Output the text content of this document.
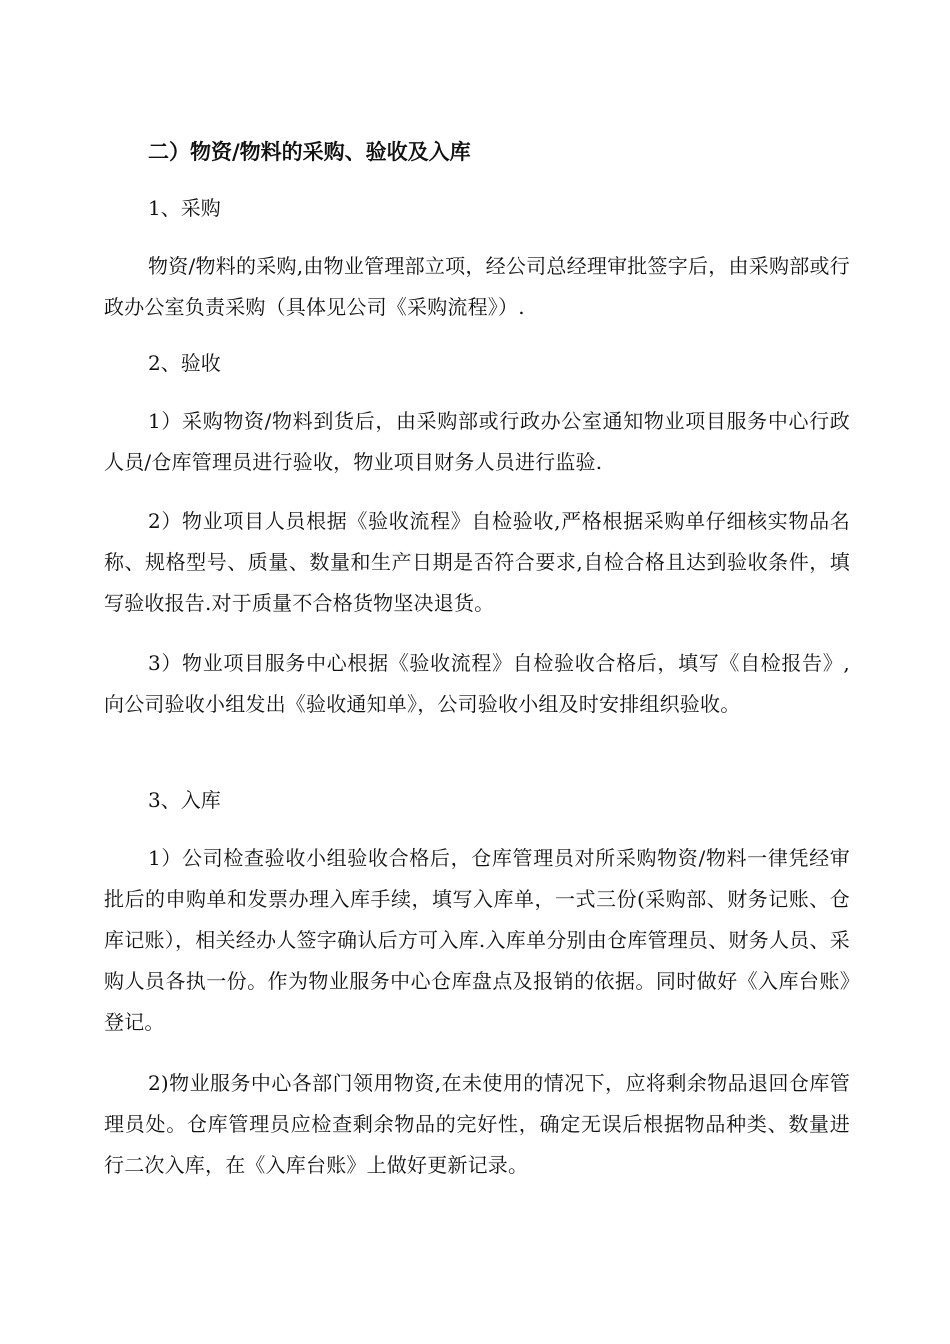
二）物资/物料的采购、验收及入库
1、采购
物资/物料的采购,由物业管理部立项，经公司总经理审批签字后，由采购部或行政办公室负责采购（具体见公司《采购流程》）.
2、验收
1）采购物资/物料到货后，由采购部或行政办公室通知物业项目服务中心行政人员/仓库管理员进行验收，物业项目财务人员进行监验.
2）物业项目人员根据《验收流程》自检验收,严格根据采购单仔细核实物品名称、规格型号、质量、数量和生产日期是否符合要求,自检合格且达到验收条件，填写验收报告.对于质量不合格货物坚决退货。
3）物业项目服务中心根据《验收流程》自检验收合格后，填写《自检报告》,向公司验收小组发出《验收通知单》，公司验收小组及时安排组织验收。
3、入库
1）公司检查验收小组验收合格后，仓库管理员对所采购物资/物料一律凭经审批后的申购单和发票办理入库手续，填写入库单，一式三份(采购部、财务记账、仓库记账），相关经办人签字确认后方可入库.入库单分别由仓库管理员、财务人员、采购人员各执一份。作为物业服务中心仓库盘点及报销的依据。同时做好《入库台账》登记。
2)物业服务中心各部门领用物资,在未使用的情况下，应将剩余物品退回仓库管理员处。仓库管理员应检查剩余物品的完好性，确定无误后根据物品种类、数量进行二次入库，在《入库台账》上做好更新记录。
